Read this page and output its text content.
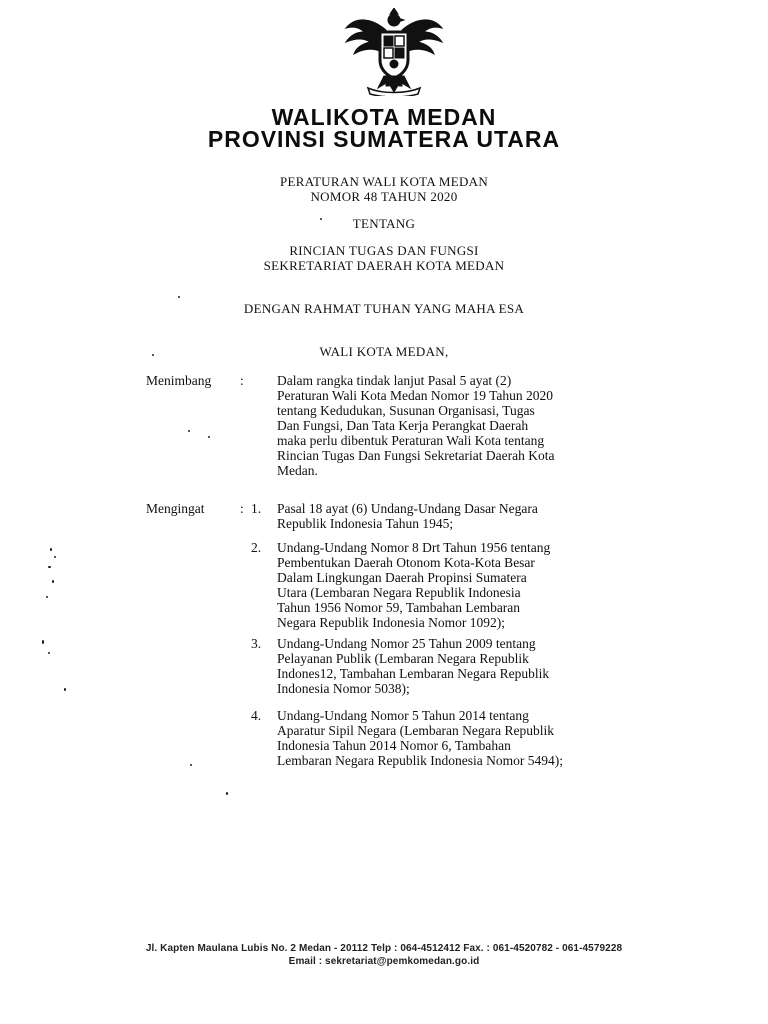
WALIKOTA MEDAN
PROVINSI SUMATERA UTARA
PERATURAN WALI KOTA MEDAN
NOMOR 48 TAHUN 2020
TENTANG
RINCIAN TUGAS DAN FUNGSI
SEKRETARIAT DAERAH KOTA MEDAN
DENGAN RAHMAT TUHAN YANG MAHA ESA
WALI KOTA MEDAN,
Menimbang : Dalam rangka tindak lanjut Pasal 5 ayat (2)
Peraturan Wali Kota Medan Nomor 19 Tahun 2020
tentang Kedudukan, Susunan Organisasi, Tugas
Dan Fungsi, Dan Tata Kerja Perangkat Daerah
maka perlu dibentuk Peraturan Wali Kota tentang
Rincian Tugas Dan Fungsi Sekretariat Daerah Kota
Medan.
Mengingat	: 1. Pasal 18 ayat (6) Undang-Undang Dasar Negara
Republik Indonesia Tahun 1945;
2. Undang-Undang Nomor 8 Drt Tahun 1956 tentang
Pembentukan Daerah Otonom Kota-Kota Besar
Dalam Lingkungan Daerah Propinsi Sumatera
Utara (Lembaran Negara Republik Indonesia
Tahun 1956 Nomor 59, Tambahan Lembaran
Negara Republik Indonesia Nomor 1092);
3. Undang-Undang Nomor 25 Tahun 2009 tentang
Pelayanan Publik (Lembaran Negara Republik
Indones12, Tambahan Lembaran Negara Republik
Indonesia Nomor 5038);
4. Undang-Undang Nomor 5 Tahun 2014 tentang
Aparatur Sipil Negara (Lembaran Negara Republik
Indonesia Tahun 2014 Nomor 6, Tambahan
Lembaran Negara Republik Indonesia Nomor 5494);
Jl. Kapten Maulana Lubis No. 2 Medan - 20112 Telp : 064-4512412 Fax. : 061-4520782 - 061-4579228
Email : sekretariat@pemkomedan.go.id
